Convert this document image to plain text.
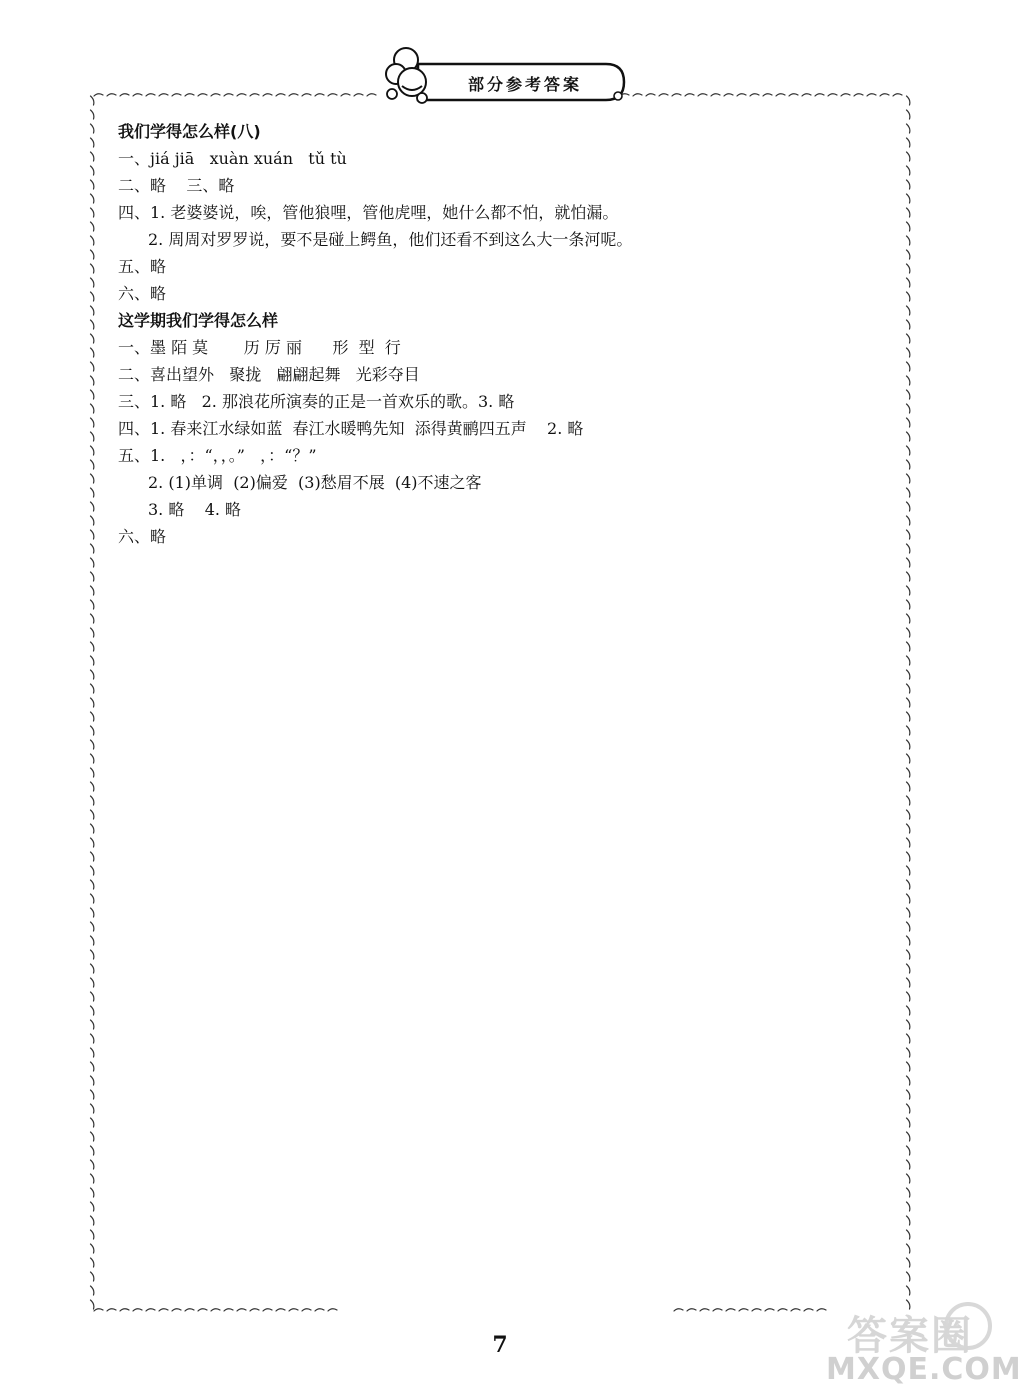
部分参考答案
我们学得怎么样(八)
一、jiá jiā   xuàn xuán   tǔ tù
二、略    三、略
四、1. 老婆婆说，唉，管他狼哩，管他虎哩，她什么都不怕，就怕漏。
2. 周周对罗罗说，要不是碰上鳄鱼，他们还看不到这么大一条河呢。
五、略
六、略
这学期我们学得怎么样
一、墨 陌 莫       历 厉 丽      形  型  行
二、喜出望外   聚拢   翩翩起舞   光彩夺目
三、1. 略   2. 那浪花所演奏的正是一首欢乐的歌。3. 略
四、1. 春来江水绿如蓝  春江水暖鸭先知  添得黄鹂四五声    2. 略
五、1.   ，：“，，。”   ，：“？”
2. (1)单调  (2)偏爱  (3)愁眉不展  (4)不速之客
3. 略    4. 略
六、略
7	答案圈
MXQE.COM
